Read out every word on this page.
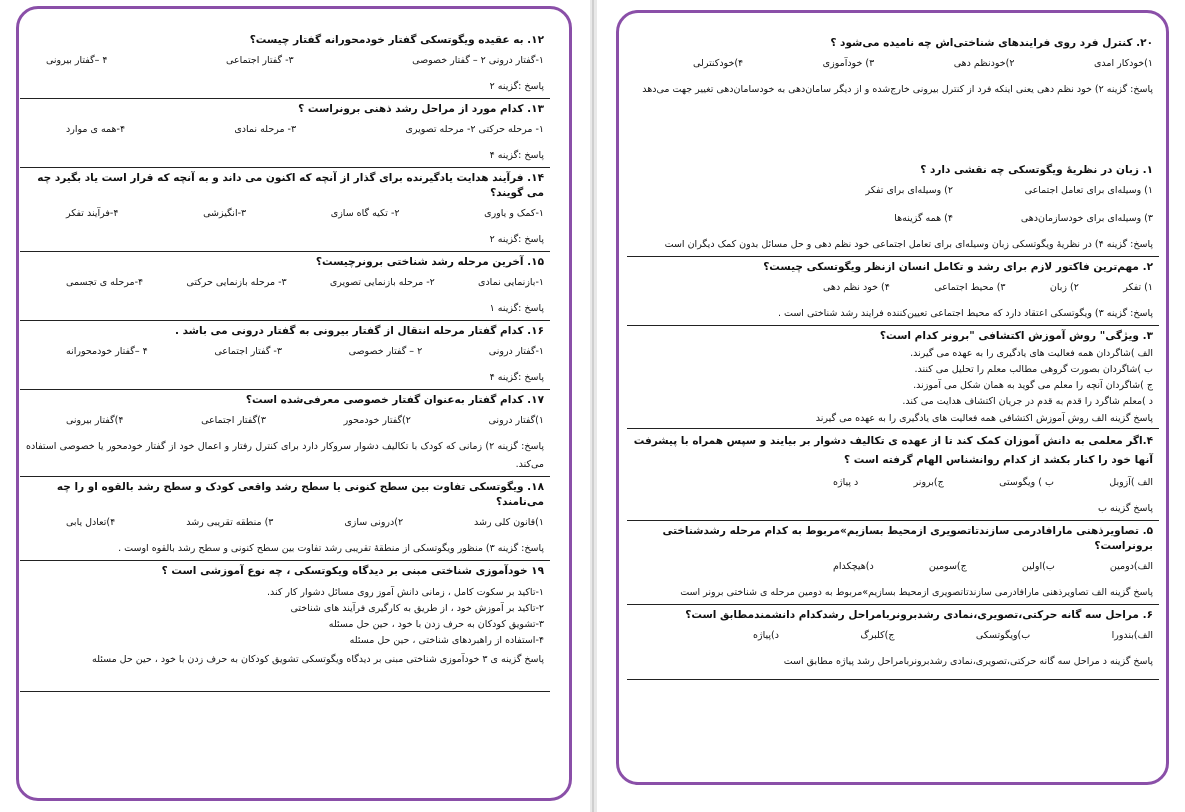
۱۲. به عقیده ویگوتسکی گفتار خودمحورانه گفتار چیست؟

۱-گفتار درونی ۲ – گفتار خصوصی
۳- گفتار اجتماعی
۴ –گفتار بیرونی

پاسخ :گزینه ۲

۱۳. کدام مورد از مراحل رشد ذهنی برونراست ؟

۱- مرحله حرکتی ۲- مرحله تصویری
۳- مرحله نمادی
۴-همه ی موارد

پاسخ :گزینه ۴

۱۴. فرآیند هدایت یادگیرنده برای گذار از آنچه که اکنون می داند و به آنچه که قرار است یاد بگیرد چه می گویند؟

۱-کمک و یاوری
۲- تکیه گاه سازی
۳-انگیزشی
۴-فرآیند تفکر

پاسخ :گزینه ۲

۱۵. آخرین مرحله رشد شناختی برونرچیست؟

۱-بازنمایی نمادی
۲- مرحله بازنمایی تصویری
۳- مرحله بازنمایی حرکتی
۴-مرحله ی تجسمی

پاسخ :گزینه ۱

۱۶. کدام گفتار مرحله انتقال از گفتار بیرونی به گفتار درونی می باشد .

۱-گفتار درونی
۲ – گفتار خصوصی
۳- گفتار اجتماعی
۴ –گفتار خودمحورانه

پاسخ :گزینه ۴

۱۷. کدام گفتار به‌عنوان گفتار خصوصی معرفی‌شده است؟

۱)گفتار درونی
۲)گفتار خودمحور
۳)گفتار اجتماعی
۴)گفتار بیرونی

پاسخ: گزینه ۲) زمانی که کودک با تکالیف دشوار سروکار دارد برای کنترل رفتار و اعمال خود از گفتار خودمحور یا خصوصی استفاده می‌کند.

۱۸. ویگوتسکی تفاوت بین سطح کنونی یا سطح رشد واقعی کودک و سطح رشد بالقوه او را چه می‌نامند؟

۱)قانون کلی رشد
۲)درونی سازی
۳) منطقه تقریبی رشد
۴)تعادل یابی

پاسخ: گزینه ۳) منظور ویگوتسکی از منطقهٔ تقریبی رشد تفاوت بین سطح کنونی و سطح رشد بالقوه اوست .

۱۹ خودآموزی شناختی مبنی بر دیدگاه ویکوتسکی ، چه نوع آموزشی است ؟

۱-تاکید بر سکوت کامل ، زمانی دانش آموز روی مسائل دشوار کار کند.
۲-تاکید بر آموزش خود ، از طریق به کارگیری فرآیند های شناختی
۳-تشویق کودکان به حرف زدن با خود ، حین حل مسئله
۴-استفاده از راهبردهای شناختی ، حین حل مسئله

پاسخ گزینه ی ۳ خودآموزی شناختی مبنی بر دیدگاه ویگوتسکی تشویق کودکان به حرف زدن با خود ، حین حل مسئله

۲۰. کنترل فرد روی فرایندهای شناختی‌اش چه نامیده می‌شود ؟

۱)خودکار امدی
۲)خودنظم دهی
۳) خودآموزی
۴)خودکنترلی

پاسخ: گزینه ۲) خود نظم دهی یعنی اینکه فرد از کنترل بیرونی خارج‌شده و از دیگر سامان‌دهی به خودسامان‌دهی تغییر جهت می‌دهد

۱. زبان در نظریهٔ ویگوتسکی چه نقشی دارد ؟

۱) وسیله‌ای برای تعامل اجتماعی
۲) وسیله‌ای برای تفکر
۳) وسیله‌ای برای خودسازمان‌دهی
۴) همه گزینه‌ها

پاسخ: گزینه ۴) در نظریهٔ ویگوتسکی زبان وسیله‌ای برای تعامل اجتماعی خود نظم دهی و حل مسائل بدون کمک دیگران است

۲. مهم‌ترین فاکتور لازم برای رشد و تکامل انسان ازنظر ویگوتسکی چیست؟

۱) تفکر
۲) زبان
۳) محیط اجتماعی
۴) خود نظم دهی

پاسخ: گزینه ۳) ویگوتسکی اعتقاد دارد که محیط اجتماعی تعیین‌کننده فرایند رشد شناختی است .

۳. ویژگی" روش آموزش اکتشافی "برونر کدام است؟

الف )شاگردان همه فعالیت های یادگیری را به عهده می گیرند.
ب )شاگردان بصورت گروهی مطالب معلم را تحلیل می کنند.
ج )شاگردان آنچه را معلم می گوید به همان شکل می آموزند.
د )معلم شاگرد را قدم به قدم در جریان اکتشاف هدایت می کند.

پاسخ گزینه الف روش آموزش اکتشافی همه فعالیت های یادگیری را به عهده می گیرند

۴.اگر معلمی به دانش آموزان کمک کند تا از عهده ی تکالیف دشوار بر بیایند و سپس همراه با پیشرفت آنها خود را کنار بکشد از کدام روانشناس الهام گرفته است ؟

الف )آزوبل
ب ) ویگوستی
ج)برونر
د پیاژه

پاسخ گزینه ب

۵. تصاویرذهنی مارافادرمی سازندتاتصویری ازمحیط بسازیم»مربوط به کدام مرحله رشدشناختی برونراست؟

الف)دومین
ب)اولین
ج)سومین
د)هیچکدام

پاسخ گزینه الف تصاویرذهنی مارافادرمی سازندتاتصویری ازمحیط بسازیم»مربوط به دومین مرحله ی شناختی برونر است

۶. مراحل سه گانه حرکتی،تصویری،نمادی رشدبرونربامراحل رشدکدام دانشمندمطابق است؟

الف)بندورا
ب)ویگوتسکی
ج)کلبرگ
د)پیاژه

پاسخ گزینه د مراحل سه گانه حرکتی،تصویری،نمادی رشدبرونربامراحل رشد پیاژه مطابق است
